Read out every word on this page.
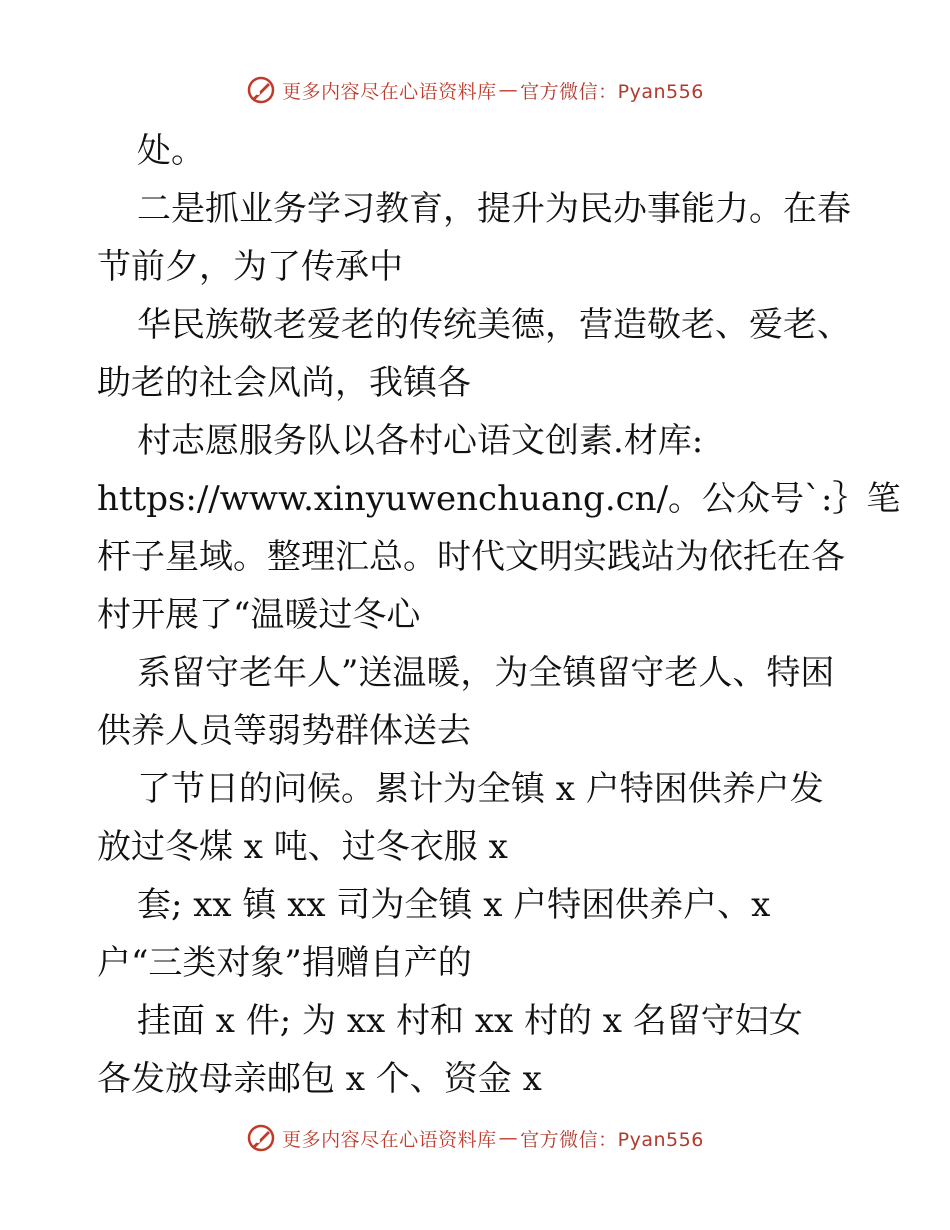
更多内容尽在心语资料库 — 官方微信：Pyan556
处。
二是抓业务学习教育，提升为民办事能力。在春
节前夕，为了传承中
华民族敬老爱老的传统美德，营造敬老、爱老、
助老的社会风尚，我镇各
村志愿服务队以各村心语文创素.材库:
https://www.xinyuwenchuang.cn/。公众号`:｝笔
杆子星域。整理汇总。时代文明实践站为依托在各
村开展了“温暖过冬心
系留守老年人”送温暖，为全镇留守老人、特困
供养人员等弱势群体送去
了节日的问候。累计为全镇 x 户特困供养户发
放过冬煤 x 吨、过冬衣服 x
套; xx 镇 xx 司为全镇 x 户特困供养户、x
户“三类对象”捐赠自产的
挂面 x 件; 为 xx 村和 xx 村的 x 名留守妇女
各发放母亲邮包 x 个、资金 x
更多内容尽在心语资料库 — 官方微信：Pyan556
